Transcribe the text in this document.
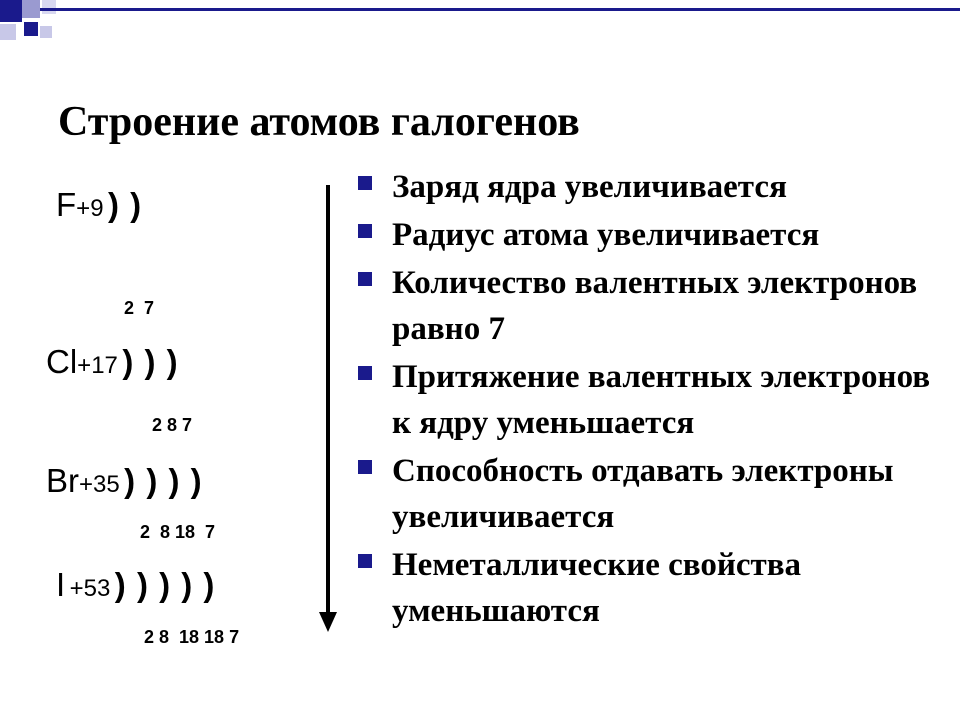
Строение атомов галогенов
F+9 ) )
2  7
Cl+17 ) ) )
2 8 7
Br+35 ) ) ) )
2  8 18  7
I +53 ) ) ) ) )
2 8  18 18 7
Заряд ядра увеличивается
Радиус атома увеличивается
Количество валентных электронов равно 7
Притяжение валентных электронов к ядру уменьшается
Способность отдавать электроны увеличивается
Неметаллические свойства уменьшаются
